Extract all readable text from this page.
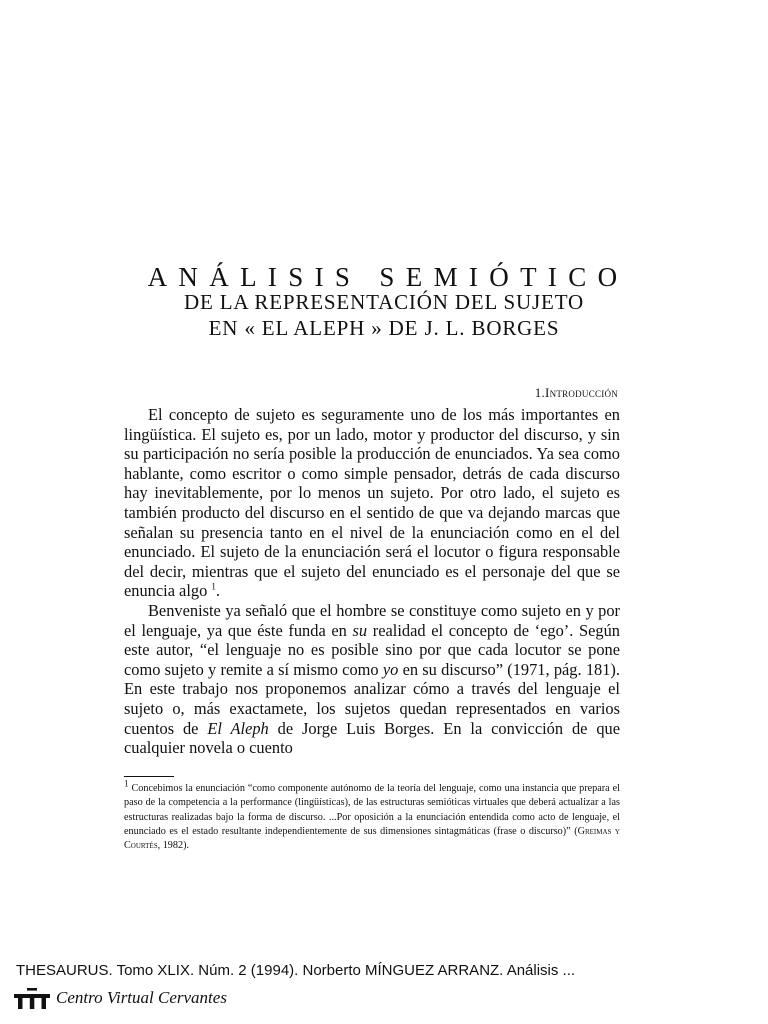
ANÁLISIS SEMIÓTICO
DE LA REPRESENTACIÓN DEL SUJETO
EN « EL ALEPH » DE J. L. BORGES
1.Introducción

El concepto de sujeto es seguramente uno de los más importantes en lingüística. El sujeto es, por un lado, motor y productor del discurso, y sin su participación no sería posible la producción de enunciados. Ya sea como hablante, como escritor o como simple pensador, detrás de cada discurso hay inevitablemente, por lo menos un sujeto. Por otro lado, el sujeto es también producto del discurso en el sentido de que va dejando marcas que señalan su presencia tanto en el nivel de la enunciación como en el del enunciado. El sujeto de la enunciación será el locutor o figura responsable del decir, mientras que el sujeto del enunciado es el personaje del que se enuncia algo $^1$.

Benveniste ya señaló que el hombre se constituye como sujeto en y por el lenguaje, ya que éste funda en su realidad el concepto de ‘ego’. Según este autor, “el lenguaje no es posible sino por que cada locutor se pone como sujeto y remite a sí mismo como yo en su discurso” (1971, pág. 181). En este trabajo nos proponemos analizar cómo a través del lenguaje el sujeto o, más exactamete, los sujetos quedan representados en varios cuentos de El Aleph de Jorge Luis Borges. En la convicción de que cualquier novela o cuento

$^1$ Concebimos la enunciación “como componente autónomo de la teoría del lenguaje, como una instancia que prepara el paso de la competencia a la performance (lingüísticas), de las estructuras semióticas virtuales que deberá actualizar a las estructuras realizadas bajo la forma de discurso. ...Por oposición a la enunciación entendida como acto de lenguaje, el enunciado es el estado resultante independientemente de sus dimensiones sintagmáticas (frase o discurso)” (Greimas y Courtés, 1982).

THESAURUS. Tomo XLIX. Núm. 2 (1994). Norberto MÍNGUEZ ARRANZ. Análisis ...

Centro Virtual Cervantes
